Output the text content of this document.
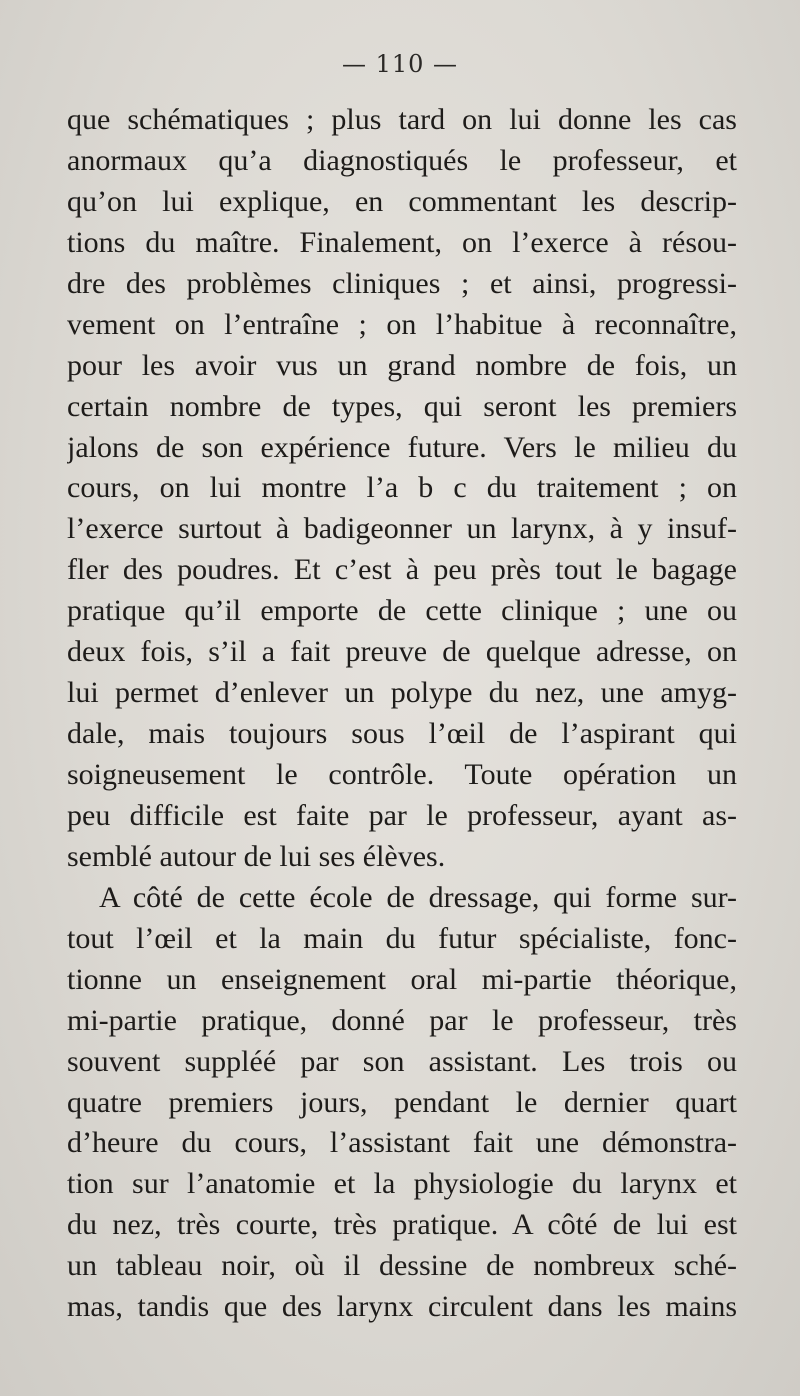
— 110 —
que schématiques ; plus tard on lui donne les cas
anormaux qu’a diagnostiqués le professeur, et
qu’on lui explique, en commentant les descrip-
tions du maître. Finalement, on l’exerce à résou-
dre des problèmes cliniques ; et ainsi, progressi-
vement on l’entraîne ; on l’habitue à reconnaître,
pour les avoir vus un grand nombre de fois, un
certain nombre de types, qui seront les premiers
jalons de son expérience future. Vers le milieu du
cours, on lui montre l’a b c du traitement ; on
l’exerce surtout à badigeonner un larynx, à y insuf-
fler des poudres. Et c’est à peu près tout le bagage
pratique qu’il emporte de cette clinique ; une ou
deux fois, s’il a fait preuve de quelque adresse, on
lui permet d’enlever un polype du nez, une amyg-
dale, mais toujours sous l’œil de l’aspirant qui
soigneusement le contrôle. Toute opération un
peu difficile est faite par le professeur, ayant as-
semblé autour de lui ses élèves.
A côté de cette école de dressage, qui forme sur-
tout l’œil et la main du futur spécialiste, fonc-
tionne un enseignement oral mi-partie théorique,
mi-partie pratique, donné par le professeur, très
souvent suppléé par son assistant. Les trois ou
quatre premiers jours, pendant le dernier quart
d’heure du cours, l’assistant fait une démonstra-
tion sur l’anatomie et la physiologie du larynx et
du nez, très courte, très pratique. A côté de lui est
un tableau noir, où il dessine de nombreux sché-
mas, tandis que des larynx circulent dans les mains
